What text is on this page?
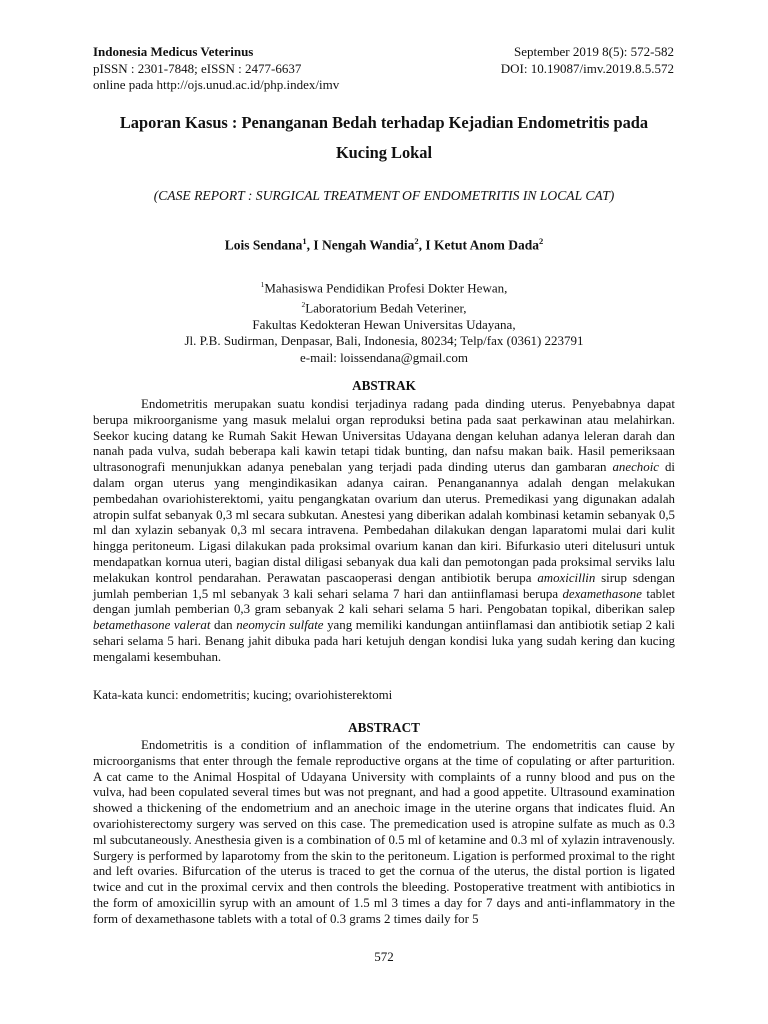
Indonesia Medicus Veterinus
pISSN : 2301-7848; eISSN : 2477-6637
online pada http://ojs.unud.ac.id/php.index/imv
September 2019 8(5): 572-582
DOI: 10.19087/imv.2019.8.5.572
Laporan Kasus : Penanganan Bedah terhadap Kejadian Endometritis pada
Kucing Lokal
(CASE REPORT : SURGICAL TREATMENT OF ENDOMETRITIS IN LOCAL CAT)
Lois Sendana$^1$, I Nengah Wandia$^2$, I Ketut Anom Dada$^2$
$^1$Mahasiswa Pendidikan Profesi Dokter Hewan,
$^2$Laboratorium Bedah Veteriner,
Fakultas Kedokteran Hewan Universitas Udayana,
Jl. P.B. Sudirman, Denpasar, Bali, Indonesia, 80234; Telp/fax (0361) 223791
e-mail: loissendana@gmail.com
ABSTRAK
Endometritis merupakan suatu kondisi terjadinya radang pada dinding uterus. Penyebabnya dapat berupa mikroorganisme yang masuk melalui organ reproduksi betina pada saat perkawinan atau melahirkan. Seekor kucing datang ke Rumah Sakit Hewan Universitas Udayana dengan keluhan adanya leleran darah dan nanah pada vulva, sudah beberapa kali kawin tetapi tidak bunting, dan nafsu makan baik. Hasil pemeriksaan ultrasonografi menunjukkan adanya penebalan yang terjadi pada dinding uterus dan gambaran anechoic di dalam organ uterus yang mengindikasikan adanya cairan. Penanganannya adalah dengan melakukan pembedahan ovariohisterektomi, yaitu pengangkatan ovarium dan uterus. Premedikasi yang digunakan adalah atropin sulfat sebanyak 0,3 ml secara subkutan. Anestesi yang diberikan adalah kombinasi ketamin sebanyak 0,5 ml dan xylazin sebanyak 0,3 ml secara intravena. Pembedahan dilakukan dengan laparatomi mulai dari kulit hingga peritoneum. Ligasi dilakukan pada proksimal ovarium kanan dan kiri. Bifurkasio uteri ditelusuri untuk mendapatkan kornua uteri, bagian distal diligasi sebanyak dua kali dan pemotongan pada proksimal serviks lalu melakukan kontrol pendarahan. Perawatan pascaoperasi dengan antibiotik berupa amoxicillin sirup sdengan jumlah pemberian 1,5 ml sebanyak 3 kali sehari selama 7 hari dan antiinflamasi berupa dexamethasone tablet dengan jumlah pemberian 0,3 gram sebanyak 2 kali sehari selama 5 hari. Pengobatan topikal, diberikan salep betamethasone valerat dan neomycin sulfate yang memiliki kandungan antiinflamasi dan antibiotik setiap 2 kali sehari selama 5 hari. Benang jahit dibuka pada hari ketujuh dengan kondisi luka yang sudah kering dan kucing mengalami kesembuhan.
Kata-kata kunci: endometritis; kucing; ovariohisterektomi
ABSTRACT
Endometritis is a condition of inflammation of the endometrium. The endometritis can cause by microorganisms that enter through the female reproductive organs at the time of copulating or after parturition. A cat came to the Animal Hospital of Udayana University with complaints of a runny blood and pus on the vulva, had been copulated several times but was not pregnant, and had a good appetite. Ultrasound examination showed a thickening of the endometrium and an anechoic image in the uterine organs that indicates fluid. An ovariohisterectomy surgery was served on this case. The premedication used is atropine sulfate as much as 0.3 ml subcutaneously. Anesthesia given is a combination of 0.5 ml of ketamine and 0.3 ml of xylazin intravenously. Surgery is performed by laparotomy from the skin to the peritoneum. Ligation is performed proximal to the right and left ovaries. Bifurcation of the uterus is traced to get the cornua of the uterus, the distal portion is ligated twice and cut in the proximal cervix and then controls the bleeding. Postoperative treatment with antibiotics in the form of amoxicillin syrup with an amount of 1.5 ml 3 times a day for 7 days and anti-inflammatory in the form of dexamethasone tablets with a total of 0.3 grams 2 times daily for 5
572
